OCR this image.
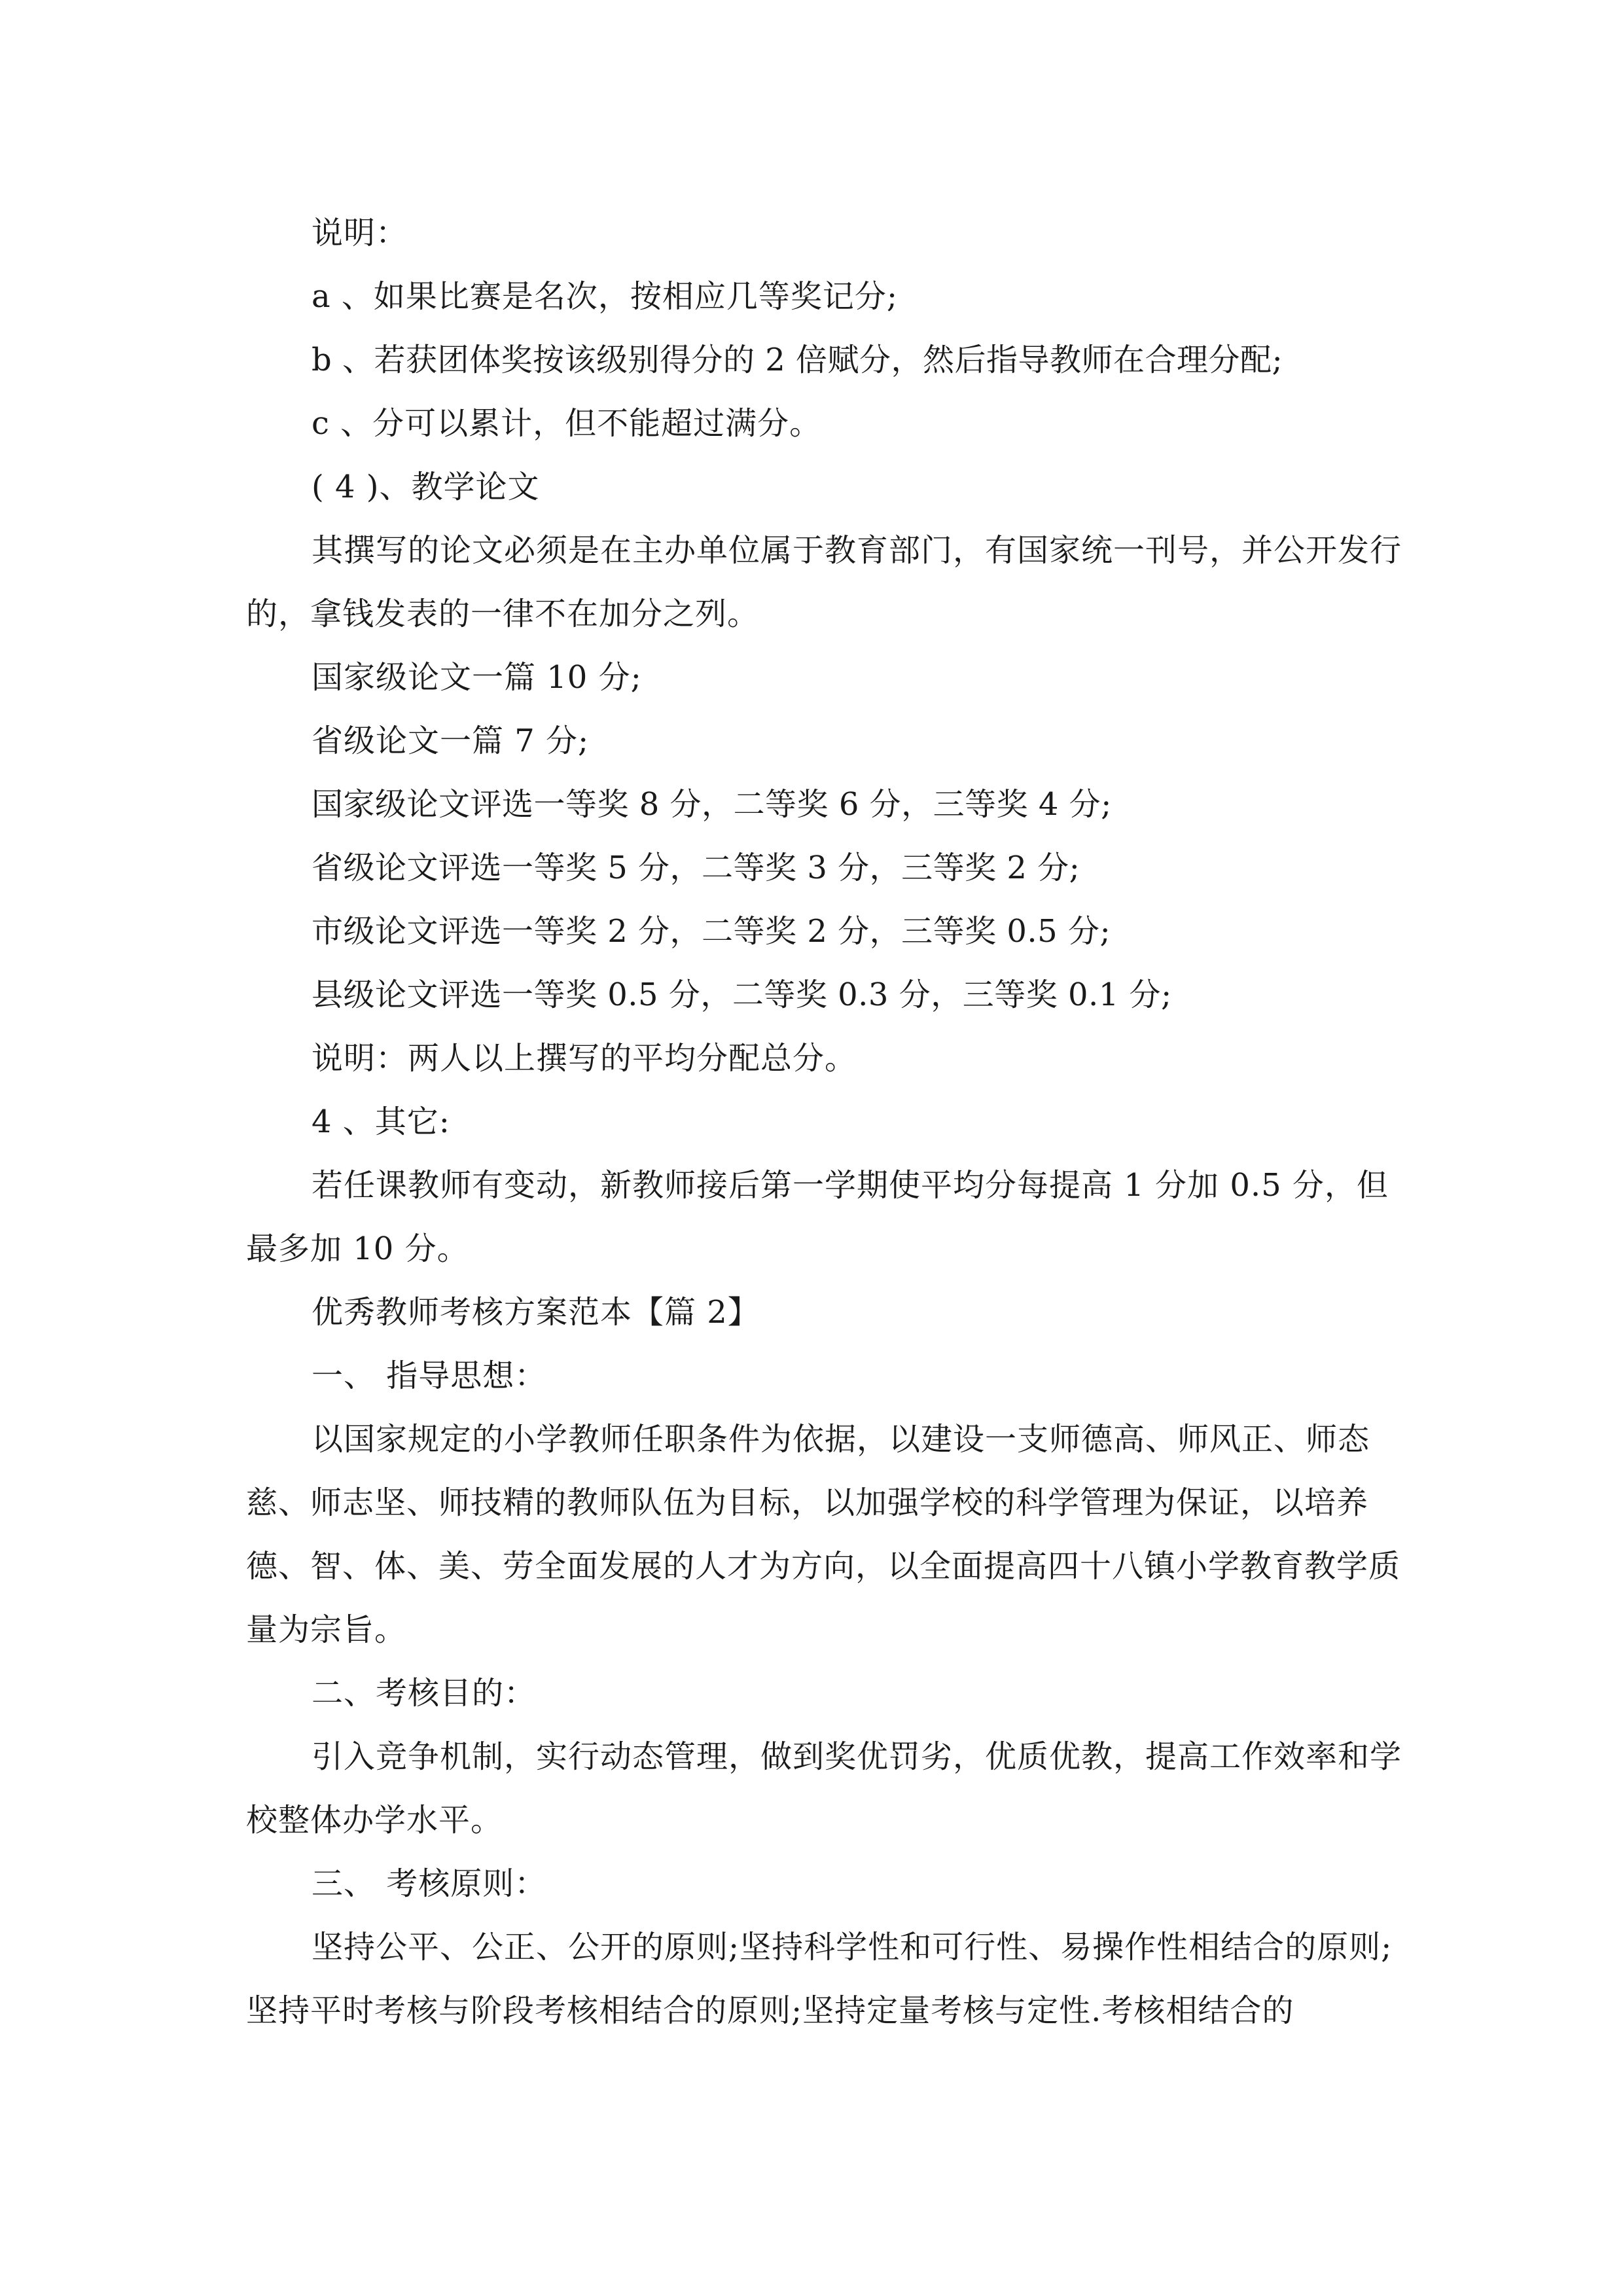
说明：

a 、如果比赛是名次，按相应几等奖记分;

b 、若获团体奖按该级别得分的 2 倍赋分，然后指导教师在合理分配;

c 、分可以累计，但不能超过满分。

( 4 )、教学论文

其撰写的论文必须是在主办单位属于教育部门，有国家统一刊号，并公开发行的，拿钱发表的一律不在加分之列。

国家级论文一篇 10 分;

省级论文一篇 7 分;

国家级论文评选一等奖 8 分，二等奖 6 分，三等奖 4 分;

省级论文评选一等奖 5 分，二等奖 3 分，三等奖 2 分;

市级论文评选一等奖 2 分，二等奖 2 分，三等奖 0.5 分;

县级论文评选一等奖 0.5 分，二等奖 0.3 分，三等奖 0.1 分;

说明：两人以上撰写的平均分配总分。

4 、其它:

若任课教师有变动，新教师接后第一学期使平均分每提高 1 分加 0.5 分，但最多加 10 分。

优秀教师考核方案范本【篇 2】

一、 指导思想：

以国家规定的小学教师任职条件为依据，以建设一支师德高、师风正、师态慈、师志坚、师技精的教师队伍为目标，以加强学校的科学管理为保证，以培养德、智、体、美、劳全面发展的人才为方向，以全面提高四十八镇小学教育教学质量为宗旨。

二、考核目的：

引入竞争机制，实行动态管理，做到奖优罚劣，优质优教，提高工作效率和学校整体办学水平。

三、 考核原则：

坚持公平、公正、公开的原则;坚持科学性和可行性、易操作性相结合的原则;坚持平时考核与阶段考核相结合的原则;坚持定量考核与定性.考核相结合的
